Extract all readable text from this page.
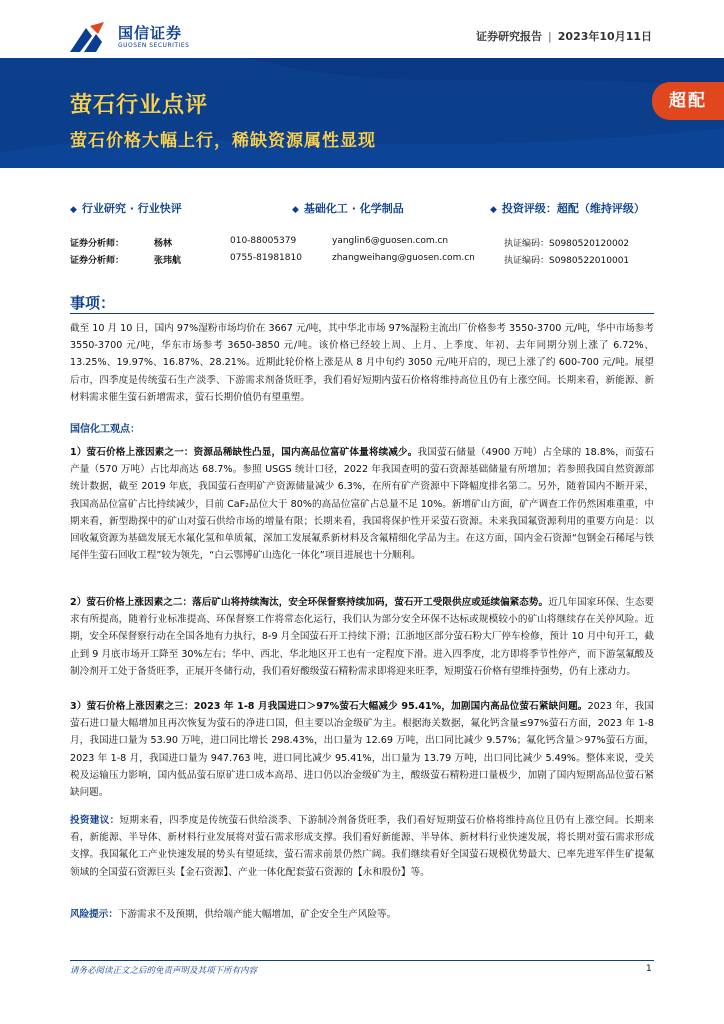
国信证券
GUOSEN SECURITIES
证券研究报告 | 2023年10月11日
萤石行业点评
萤石价格大幅上行，稀缺资源属性显现
超配
◆ 行业研究 · 行业快评	◆ 基础化工 · 化学制品	◆ 投资评级：超配（维持评级）
证券分析师：	杨林	010-88005379	yanglin6@guosen.com.cn	执证编码：S0980520120002
证券分析师：	张玮航	0755-81981810	zhangweihang@guosen.com.cn	执证编码：S0980522010001
事项：
截至 10 月 10 日，国内 97%湿粉市场均价在 3667 元/吨，其中华北市场 97%湿粉主流出厂价格参考 3550-3700 元/吨，华中市场参考 3550-3700 元/吨，华东市场参考 3650-3850 元/吨。该价格已经较上周、上月、上季度、年初、去年同期分别上涨了 6.72%、13.25%、19.97%、16.87%、28.21%。近期此轮价格上涨是从 8 月中旬约 3050 元/吨开启的，现已上涨了约 600-700 元/吨。展望后市，四季度是传统萤石生产淡季、下游需求剂备货旺季，我们看好短期内萤石价格将维持高位且仍有上涨空间。长期来看，新能源、新材料需求催生萤石新增需求，萤石长期价值仍有望重塑。
国信化工观点：
1）萤石价格上涨因素之一：资源品稀缺性凸显，国内高品位富矿体量将续减少。我国萤石储量（4900 万吨）占全球的 18.8%，而萤石产量（570 万吨）占比却高达 68.7%。参照 USGS 统计口径，2022 年我国查明的萤石资源基础储量有所增加；若参照我国自然资源部统计数据，截至 2019 年底，我国萤石查明矿产资源储量减少 6.3%，在所有矿产资源中下降幅度排名第二。另外，随着国内不断开采，我国高品位富矿占比持续减少，目前 CaF₂品位大于 80%的高品位富矿占总量不足 10%。新增矿山方面，矿产调查工作仍然困难重重，中期来看，新型勘探中的矿山对萤石供给市场的增量有限；长期来看，我国将保护性开采萤石资源。未来我国氟资源利用的重要方向是：以回收氟资源为基础发展无水氟化氢和单质氟，深加工发展氟系新材料及含氟精细化学品为主。在这方面，国内金石资源“包钢金石稀尾与铁尾伴生萤石回收工程”较为领先，“白云鄂博矿山选化一体化”项目进展也十分顺利。
2）萤石价格上涨因素之二：落后矿山将持续淘汰，安全环保督察持续加码，萤石开工受限供应或延续偏紧态势。近几年国家环保、生态要求有所提高，随着行业标准提高、环保督察工作将常态化运行，我们认为部分安全环保不达标或规模较小的矿山将继续存在关停风险。近期，安全环保督察行动在全国各地有力执行，8-9 月全国萤石开工持续下滑；江浙地区部分萤石粉大厂停车检修，预计 10 月中旬开工，截止到 9 月底市场开工降至 30%左右；华中、西北、华北地区开工也有一定程度下滑。进入四季度，北方即将季节性停产，而下游氢氟酸及制冷剂开工处于备货旺季，正展开冬储行动，我们看好酸级萤石精粉需求即将迎来旺季，短期萤石价格有望维持强势，仍有上涨动力。
3）萤石价格上涨因素之三：2023 年 1-8 月我国进口＞97%萤石大幅减少 95.41%，加剧国内高品位萤石紧缺问题。2023 年，我国萤石进口量大幅增加且再次恢复为萤石的净进口国，但主要以冶金级矿为主。根据海关数据，氟化钙含量≤97%萤石方面，2023 年 1-8 月，我国进口量为 53.90 万吨，进口同比增长 298.43%，出口量为 12.69 万吨，出口同比减少 9.57%；氟化钙含量＞97%萤石方面，2023 年 1-8 月，我国进口量为 947.763 吨，进口同比减少 95.41%，出口量为 13.79 万吨，出口同比减少 5.49%。整体来说，受关税及运输压力影响，国内低品萤石原矿进口成本高昂、进口仍以冶金级矿为主，酸级萤石精粉进口量极少，加剧了国内短期高品位萤石紧缺问题。
投资建议：短期来看，四季度是传统萤石供给淡季、下游制冷剂备货旺季，我们看好短期萤石价格将维持高位且仍有上涨空间。长期来看，新能源、半导体、新材料行业发展将对萤石需求形成支撑。我们看好新能源、半导体、新材料行业快速发展，将长期对萤石需求形成支撑。我国氟化工产业快速发展的势头有望延续，萤石需求前景仍然广阔。我们继续看好全国萤石规模优势最大、已率先进军伴生矿提氟领域的全国萤石资源巨头【金石资源】、产业一体化配套萤石资源的【永和股份】等。
风险提示：下游需求不及预期，供给端产能大幅增加，矿企安全生产风险等。
请务必阅读正文之后的免责声明及其项下所有内容	1
